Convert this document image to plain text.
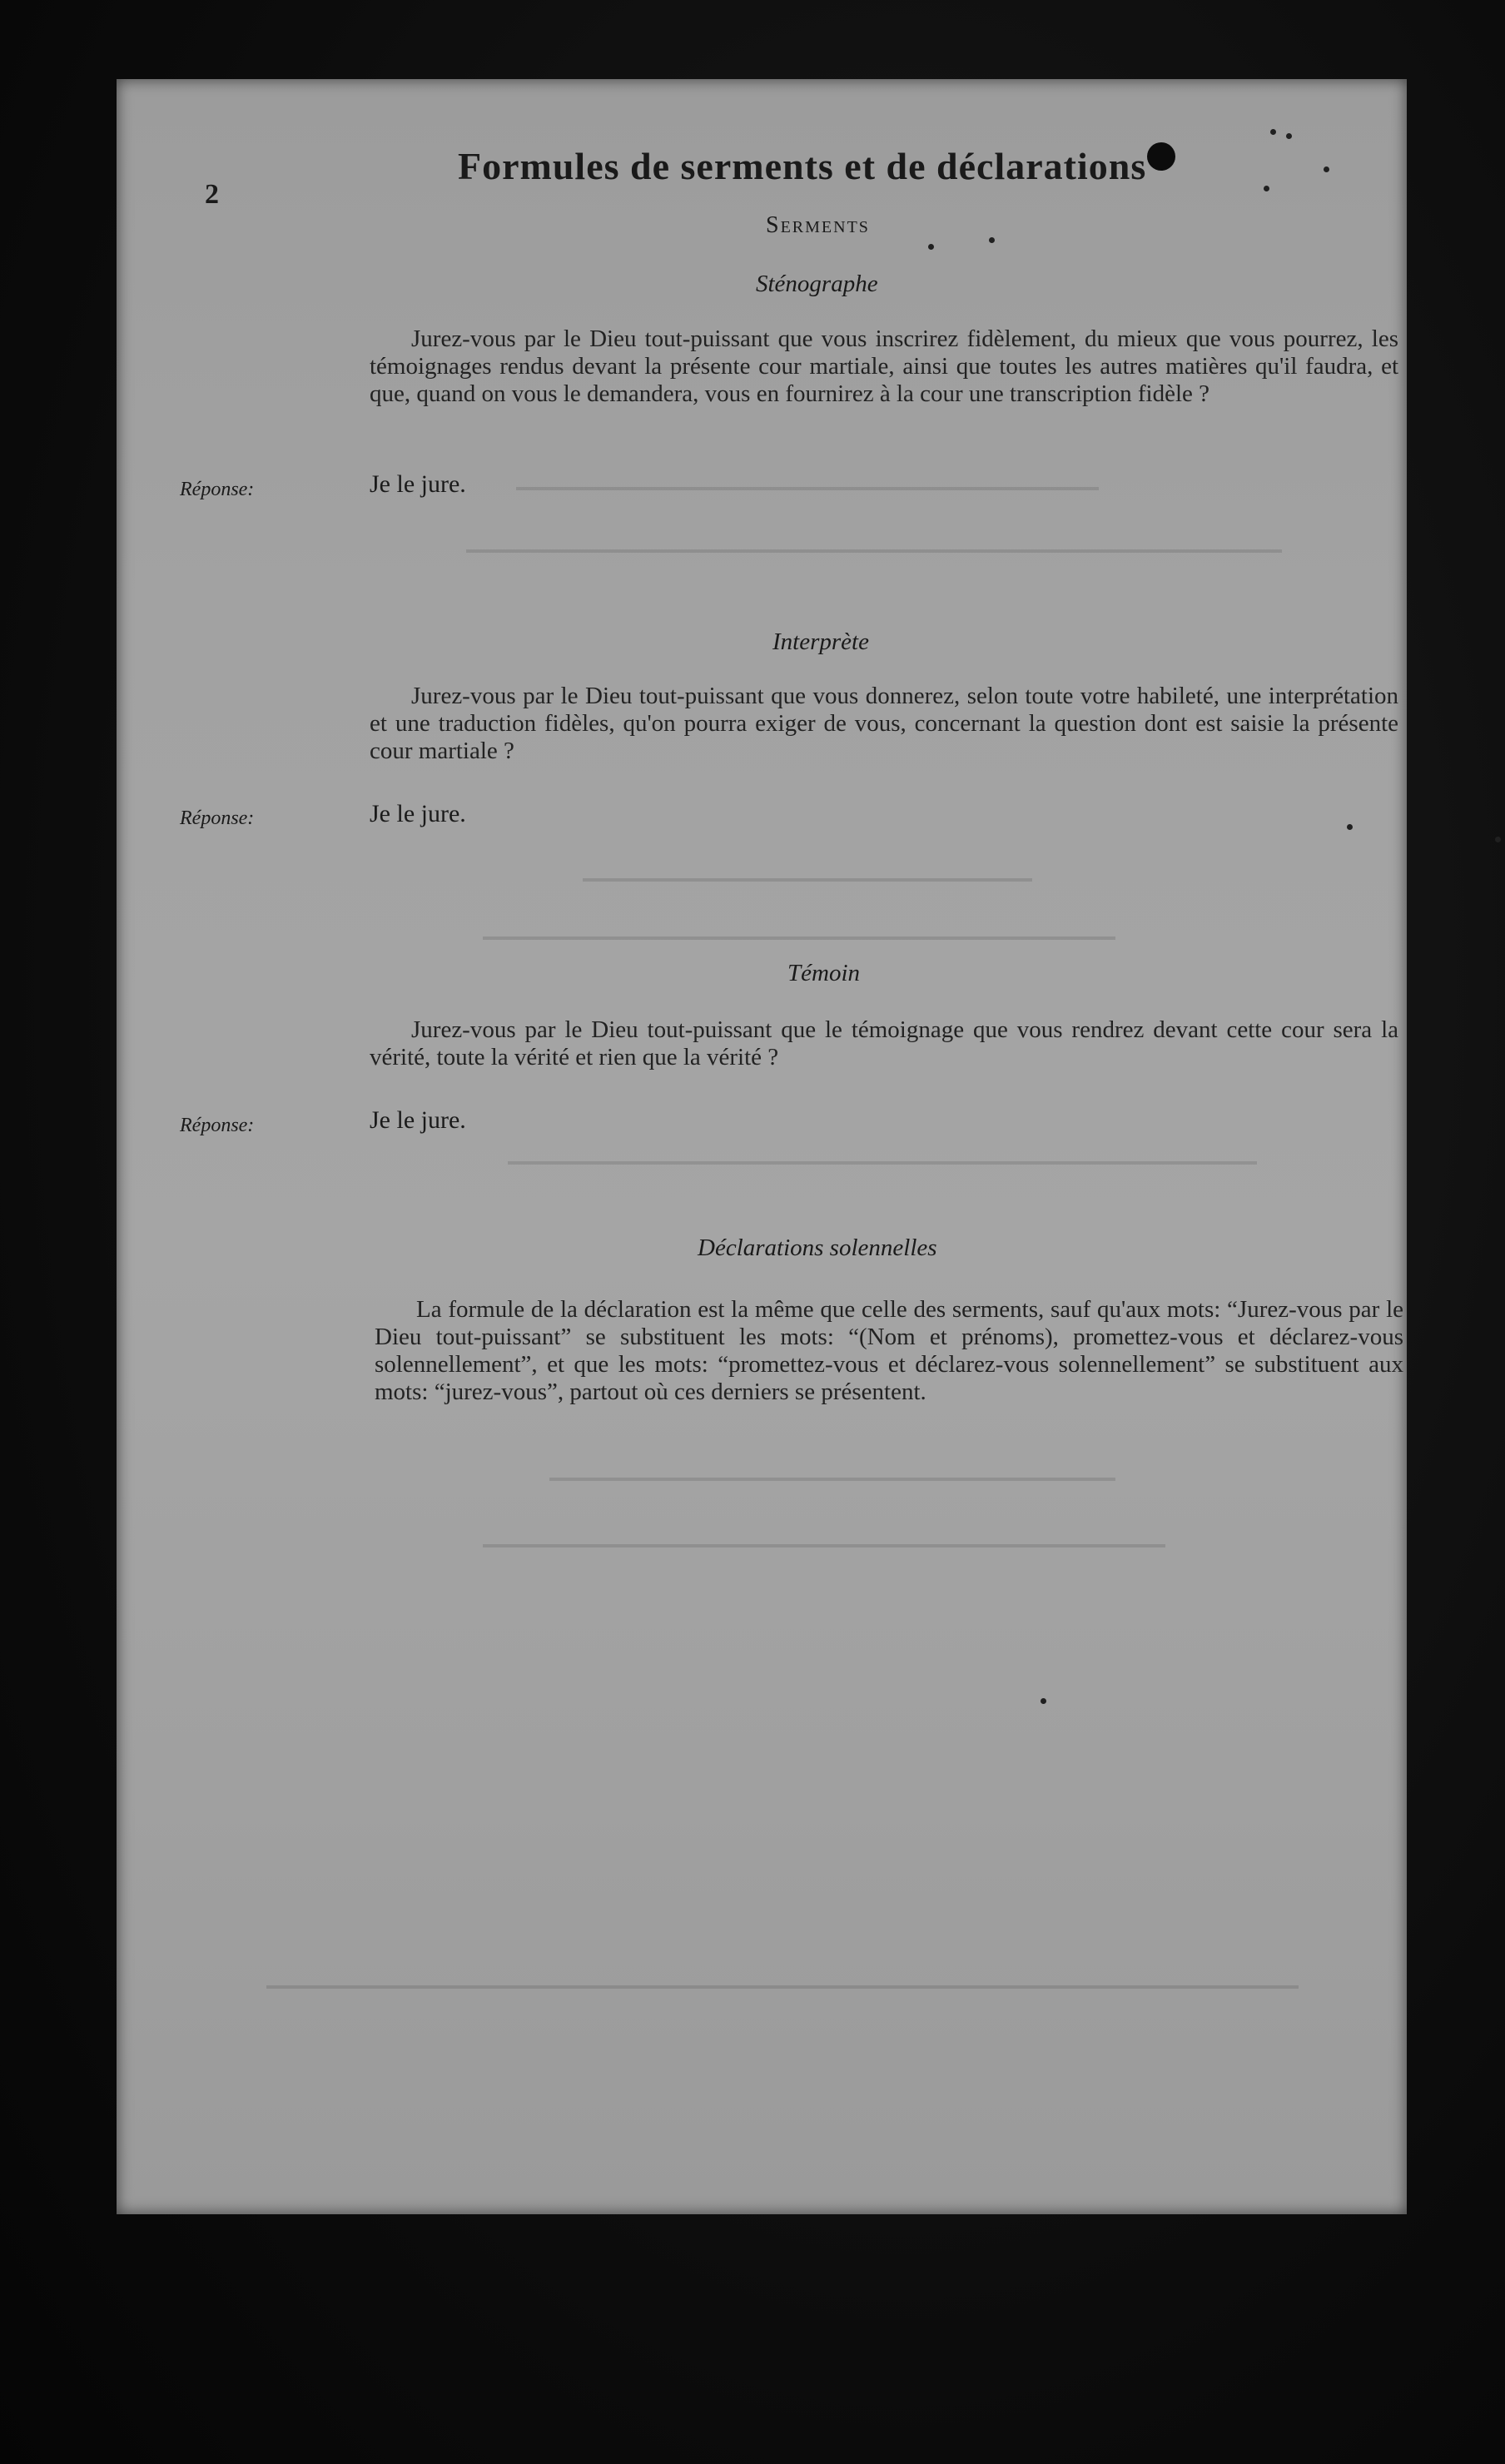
2
Formules de serments et de déclarations
Serments
Sténographe
Jurez-vous par le Dieu tout-puissant que vous inscrirez fidèlement, du mieux que vous pourrez, les témoignages rendus devant la présente cour martiale, ainsi que toutes les autres matières qu'il faudra, et que, quand on vous le demandera, vous en fournirez à la cour une transcription fidèle ?
Réponse:	Je le jure.
Interprète
Jurez-vous par le Dieu tout-puissant que vous donnerez, selon toute votre habileté, une interprétation et une traduction fidèles, qu'on pourra exiger de vous, concernant la question dont est saisie la présente cour martiale ?
Réponse:	Je le jure.
Témoin
Jurez-vous par le Dieu tout-puissant que le témoignage que vous rendrez devant cette cour sera la vérité, toute la vérité et rien que la vérité ?
Réponse:	Je le jure.
Déclarations solennelles
La formule de la déclaration est la même que celle des serments, sauf qu'aux mots: “Jurez-vous par le Dieu tout-puissant” se substituent les mots: “(Nom et prénoms), promettez-vous et déclarez-vous solennellement”, et que les mots: “promettez-vous et déclarez-vous solennellement” se substituent aux mots: “jurez-vous”, partout où ces derniers se présentent.
